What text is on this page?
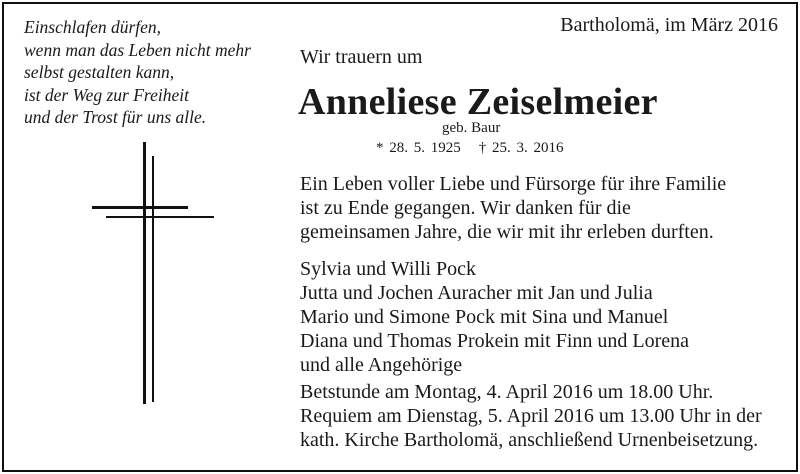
Einschlafen dürfen,
wenn man das Leben nicht mehr
selbst gestalten kann,
ist der Weg zur Freiheit
und der Trost für uns alle.
Bartholomä, im März 2016
Wir trauern um
Anneliese Zeiselmeier
geb. Baur
* 28. 5. 1925 † 25. 3. 2016
Ein Leben voller Liebe und Fürsorge für ihre Familie
ist zu Ende gegangen. Wir danken für die
gemeinsamen Jahre, die wir mit ihr erleben durften.
Sylvia und Willi Pock
Jutta und Jochen Auracher mit Jan und Julia
Mario und Simone Pock mit Sina und Manuel
Diana und Thomas Prokein mit Finn und Lorena
und alle Angehörige
Betstunde am Montag, 4. April 2016 um 18.00 Uhr.
Requiem am Dienstag, 5. April 2016 um 13.00 Uhr in der
kath. Kirche Bartholomä, anschließend Urnenbeisetzung.
